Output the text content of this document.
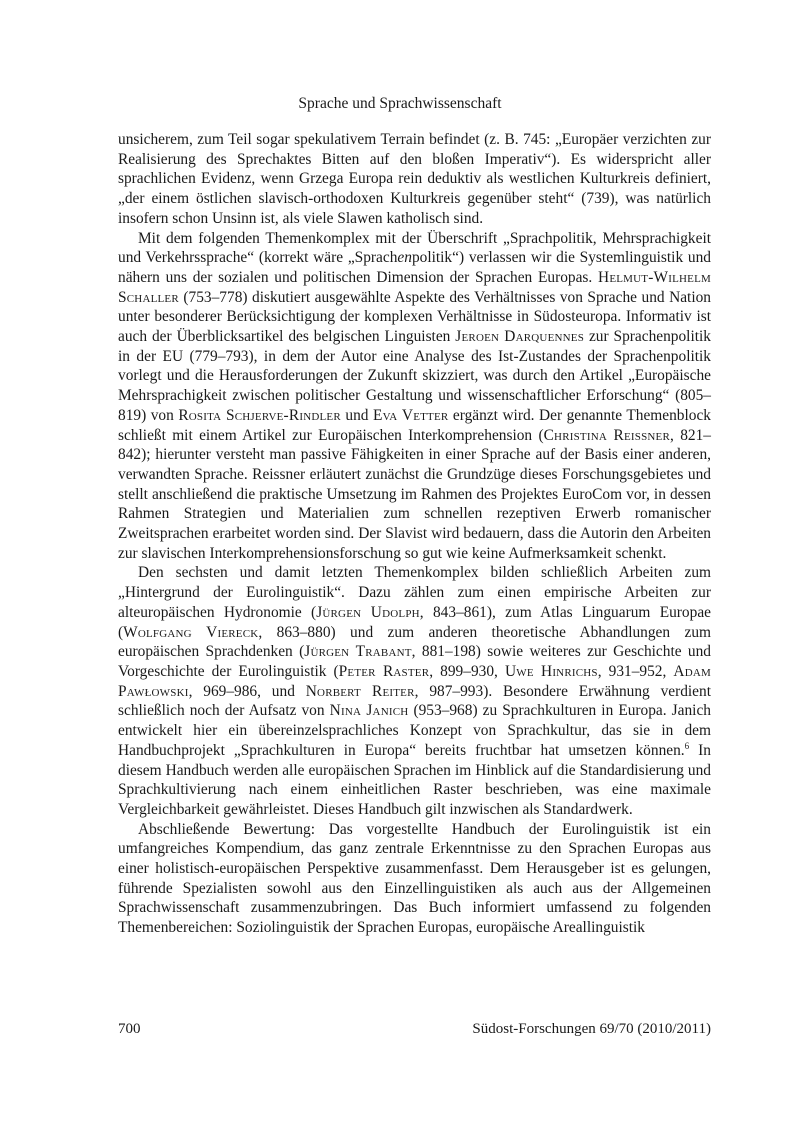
Sprache und Sprachwissenschaft

unsicherem, zum Teil sogar spekulativem Terrain befindet (z. B. 745: „Europäer verzichten zur Realisierung des Sprechaktes Bitten auf den bloßen Imperativ“). Es widerspricht aller sprachlichen Evidenz, wenn Grzega Europa rein deduktiv als westlichen Kulturkreis definiert, „der einem östlichen slavisch-orthodoxen Kulturkreis gegenüber steht“ (739), was natürlich insofern schon Unsinn ist, als viele Slawen katholisch sind.

Mit dem folgenden Themenkomplex mit der Überschrift „Sprachpolitik, Mehrsprachigkeit und Verkehrssprache“ (korrekt wäre „Sprachenpolitik“) verlassen wir die Systemlinguistik und nähern uns der sozialen und politischen Dimension der Sprachen Europas. Helmut-Wilhelm Schaller (753–778) diskutiert ausgewählte Aspekte des Verhältnisses von Sprache und Nation unter besonderer Berücksichtigung der komplexen Verhältnisse in Südosteuropa. Informativ ist auch der Überblicksartikel des belgischen Linguisten Jeroen Darquennes zur Sprachenpolitik in der EU (779–793), in dem der Autor eine Analyse des Ist-Zustandes der Sprachenpolitik vorlegt und die Herausforderungen der Zukunft skizziert, was durch den Artikel „Europäische Mehrsprachigkeit zwischen politischer Gestaltung und wissenschaftlicher Erforschung“ (805–819) von Rosita Schjerve-Rindler und Eva Vetter ergänzt wird. Der genannte Themenblock schließt mit einem Artikel zur Europäischen Interkomprehension (Christina Reissner, 821–842); hierunter versteht man passive Fähigkeiten in einer Sprache auf der Basis einer anderen, verwandten Sprache. Reissner erläutert zunächst die Grundzüge dieses Forschungsgebietes und stellt anschließend die praktische Umsetzung im Rahmen des Projektes EuroCom vor, in dessen Rahmen Strategien und Materialien zum schnellen rezeptiven Erwerb romanischer Zweitsprachen erarbeitet worden sind. Der Slavist wird bedauern, dass die Autorin den Arbeiten zur slavischen Interkomprehensionsforschung so gut wie keine Aufmerksamkeit schenkt.

Den sechsten und damit letzten Themenkomplex bilden schließlich Arbeiten zum „Hintergrund der Eurolinguistik“. Dazu zählen zum einen empirische Arbeiten zur alteuropäischen Hydronomie (Jürgen Udolph, 843–861), zum Atlas Linguarum Europae (Wolfgang Viereck, 863–880) und zum anderen theoretische Abhandlungen zum europäischen Sprachdenken (Jürgen Trabant, 881–198) sowie weiteres zur Geschichte und Vorgeschichte der Eurolinguistik (Peter Raster, 899–930, Uwe Hinrichs, 931–952, Adam Pawłowski, 969–986, und Norbert Reiter, 987–993). Besondere Erwähnung verdient schließlich noch der Aufsatz von Nina Janich (953–968) zu Sprachkulturen in Europa. Janich entwickelt hier ein übereinzelsprachliches Konzept von Sprachkultur, das sie in dem Handbuchprojekt „Sprachkulturen in Europa“ bereits fruchtbar hat umsetzen können.$^6$ In diesem Handbuch werden alle europäischen Sprachen im Hinblick auf die Standardisierung und Sprachkultivierung nach einem einheitlichen Raster beschrieben, was eine maximale Vergleichbarkeit gewährleistet. Dieses Handbuch gilt inzwischen als Standardwerk.

Abschließende Bewertung: Das vorgestellte Handbuch der Eurolinguistik ist ein umfangreiches Kompendium, das ganz zentrale Erkenntnisse zu den Sprachen Europas aus einer holistisch-europäischen Perspektive zusammenfasst. Dem Herausgeber ist es gelungen, führende Spezialisten sowohl aus den Einzellinguistiken als auch aus der Allgemeinen Sprachwissenschaft zusammenzubringen. Das Buch informiert umfassend zu folgenden Themenbereichen: Soziolinguistik der Sprachen Europas, europäische Areallinguistik

700	Südost-Forschungen 69/70 (2010/2011)
